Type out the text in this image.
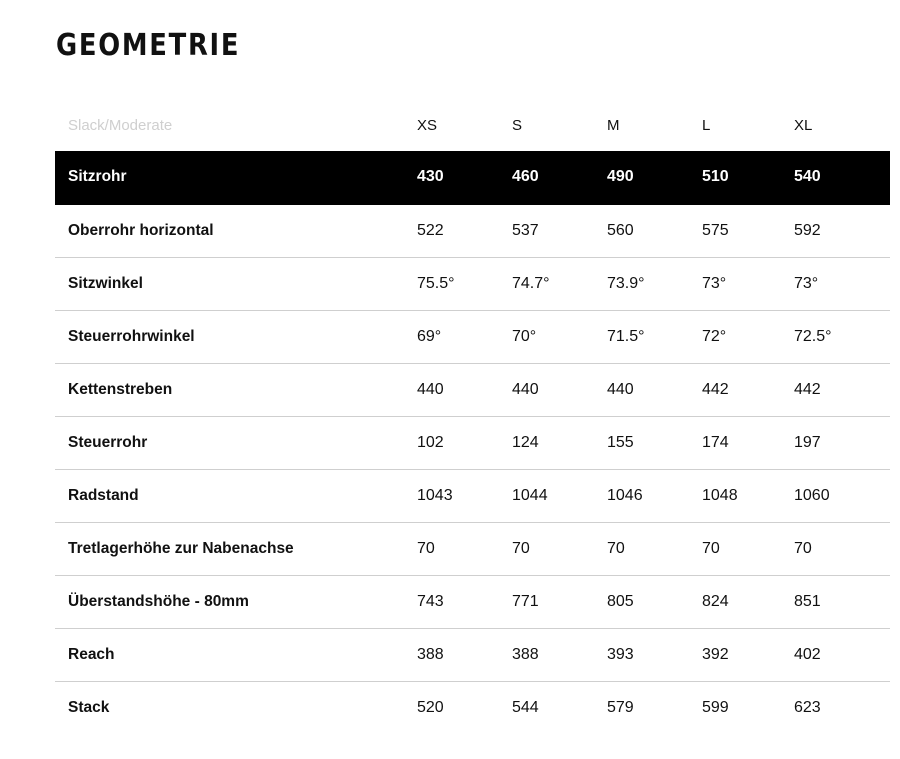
GEOMETRIE
Slack/Moderate	XS	S	M	L	XL
Sitzrohr	430	460	490	510	540
Oberrohr horizontal	522	537	560	575	592
Sitzwinkel	75.5°	74.7°	73.9°	73°	73°
Steuerrohrwinkel	69°	70°	71.5°	72°	72.5°
Kettenstreben	440	440	440	442	442
Steuerrohr	102	124	155	174	197
Radstand	1043	1044	1046	1048	1060
Tretlagerhöhe zur Nabenachse	70	70	70	70	70
Überstandshöhe - 80mm	743	771	805	824	851
Reach	388	388	393	392	402
Stack	520	544	579	599	623
